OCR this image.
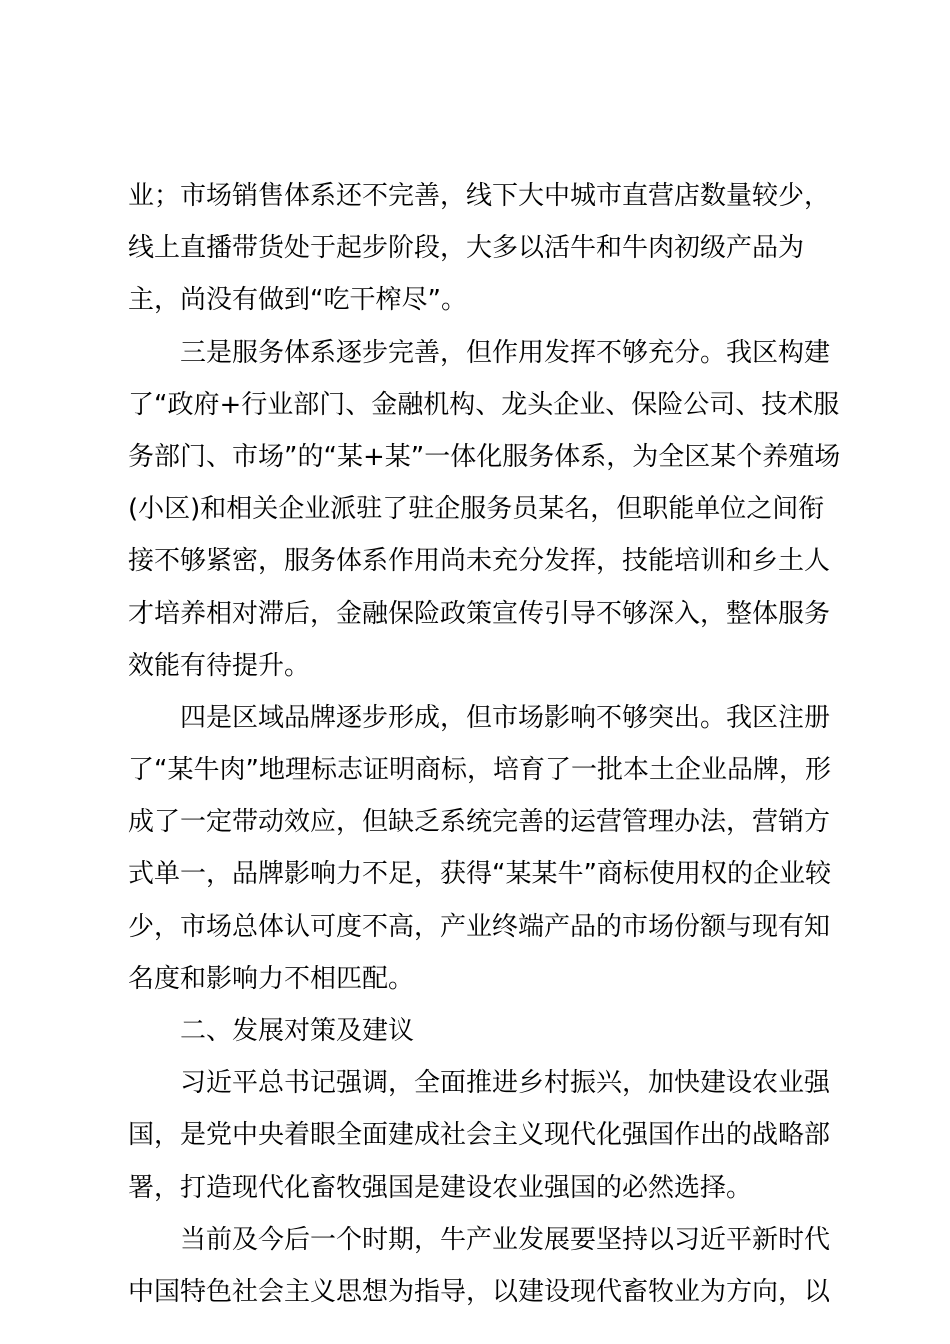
业；市场销售体系还不完善，线下大中城市直营店数量较少，
线上直播带货处于起步阶段，大多以活牛和牛肉初级产品为
主，尚没有做到“吃干榨尽”。
三是服务体系逐步完善，但作用发挥不够充分。我区构建
了“政府+行业部门、金融机构、龙头企业、保险公司、技术服
务部门、市场”的“某+某”一体化服务体系，为全区某个养殖场
(小区)和相关企业派驻了驻企服务员某名，但职能单位之间衔
接不够紧密，服务体系作用尚未充分发挥，技能培训和乡土人
才培养相对滞后，金融保险政策宣传引导不够深入，整体服务
效能有待提升。
四是区域品牌逐步形成，但市场影响不够突出。我区注册
了“某牛肉”地理标志证明商标，培育了一批本土企业品牌，形
成了一定带动效应，但缺乏系统完善的运营管理办法，营销方
式单一，品牌影响力不足，获得“某某牛”商标使用权的企业较
少，市场总体认可度不高，产业终端产品的市场份额与现有知
名度和影响力不相匹配。
二、发展对策及建议
习近平总书记强调，全面推进乡村振兴，加快建设农业强
国，是党中央着眼全面建成社会主义现代化强国作出的战略部
署，打造现代化畜牧强国是建设农业强国的必然选择。
当前及今后一个时期，牛产业发展要坚持以习近平新时代
中国特色社会主义思想为指导，以建设现代畜牧业为方向，以
